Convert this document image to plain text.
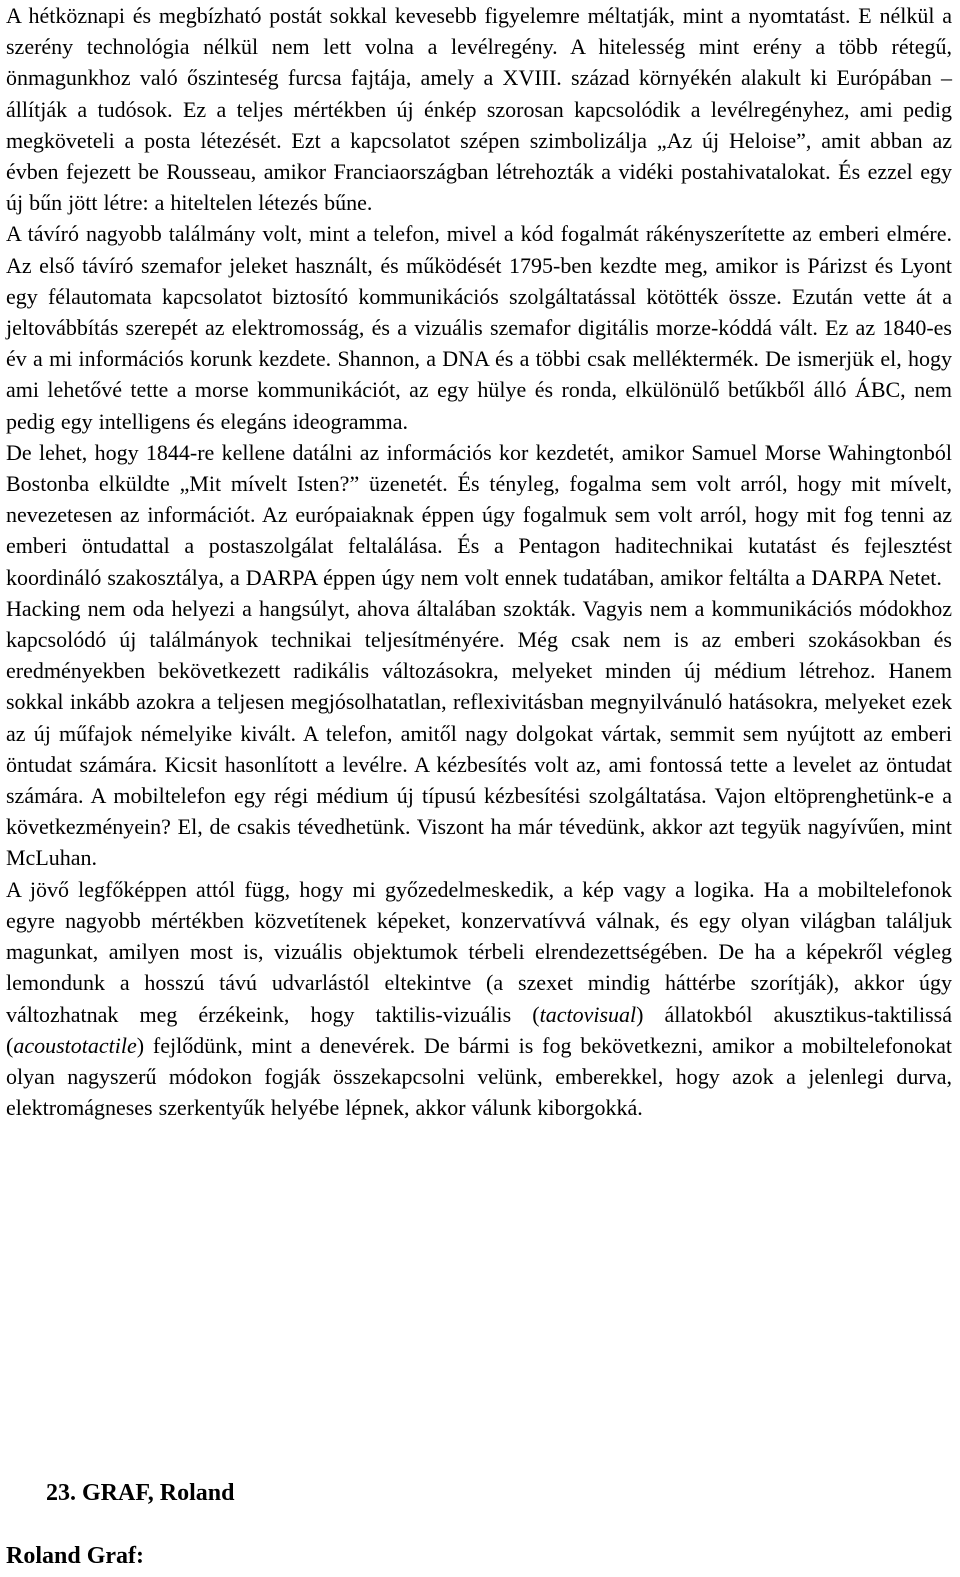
A hétköznapi és megbízható postát sokkal kevesebb figyelemre méltatják, mint a nyomtatást. E nélkül a szerény technológia nélkül nem lett volna a levélregény. A hitelesség mint erény a több rétegű, önmagunkhoz való őszinteség furcsa fajtája, amely a XVIII. század környékén alakult ki Európában – állítják a tudósok. Ez a teljes mértékben új énkép szorosan kapcsolódik a levélregényhez, ami pedig megköveteli a posta létezését. Ezt a kapcsolatot szépen szimbolizálja „Az új Heloise”, amit abban az évben fejezett be Rousseau, amikor Franciaországban létrehozták a vidéki postahivatalokat. És ezzel egy új bűn jött létre: a hiteltelen létezés bűne.

A távíró nagyobb találmány volt, mint a telefon, mivel a kód fogalmát rákényszerítette az emberi elmére. Az első távíró szemafor jeleket használt, és működését 1795-ben kezdte meg, amikor is Párizst és Lyont egy félautomata kapcsolatot biztosító kommunikációs szolgáltatással kötötték össze. Ezután vette át a jeltovábbítás szerepét az elektromosság, és a vizuális szemafor digitális morze-kóddá vált. Ez az 1840-es év a mi információs korunk kezdete. Shannon, a DNA és a többi csak melléktermék. De ismerjük el, hogy ami lehetővé tette a morse kommunikációt, az egy hülye és ronda, elkülönülő betűkből álló ÁBC, nem pedig egy intelligens és elegáns ideogramma.

De lehet, hogy 1844-re kellene datálni az információs kor kezdetét, amikor Samuel Morse Wahingtonból Bostonba elküldte „Mit mívelt Isten?” üzenetét. És tényleg, fogalma sem volt arról, hogy mit mívelt, nevezetesen az információt. Az európaiaknak éppen úgy fogalmuk sem volt arról, hogy mit fog tenni az emberi öntudattal a postaszolgálat feltalálása. És a Pentagon haditechnikai kutatást és fejlesztést koordináló szakosztálya, a DARPA éppen úgy nem volt ennek tudatában, amikor feltálta a DARPA Netet.

Hacking nem oda helyezi a hangsúlyt, ahova általában szokták. Vagyis nem a kommunikációs módokhoz kapcsolódó új találmányok technikai teljesítményére. Még csak nem is az emberi szokásokban és eredményekben bekövetkezett radikális változásokra, melyeket minden új médium létrehoz. Hanem sokkal inkább azokra a teljesen megjósolhatatlan, reflexivitásban megnyilvánuló hatásokra, melyeket ezek az új műfajok némelyike kivált. A telefon, amitől nagy dolgokat vártak, semmit sem nyújtott az emberi öntudat számára. Kicsit hasonlított a levélre. A kézbesítés volt az, ami fontossá tette a levelet az öntudat számára. A mobiltelefon egy régi médium új típusú kézbesítési szolgáltatása. Vajon eltöprenghetünk-e a következményein? El, de csakis tévedhetünk. Viszont ha már tévedünk, akkor azt tegyük nagyívűen, mint McLuhan.

A jövő legfőképpen attól függ, hogy mi győzedelmeskedik, a kép vagy a logika. Ha a mobiltelefonok egyre nagyobb mértékben közvetítenek képeket, konzervatívvá válnak, és egy olyan világban találjuk magunkat, amilyen most is, vizuális objektumok térbeli elrendezettségében. De ha a képekről végleg lemondunk a hosszú távú udvarlástól eltekintve (a szexet mindig háttérbe szorítják), akkor úgy változhatnak meg érzékeink, hogy taktilis-vizuális (tactovisual) állatokból akusztikus-taktilissá (acoustotactile) fejlődünk, mint a denevérek. De bármi is fog bekövetkezni, amikor a mobiltelefonokat olyan nagyszerű módokon fogják összekapcsolni velünk, emberekkel, hogy azok a jelenlegi durva, elektromágneses szerkentyűk helyébe lépnek, akkor válunk kiborgokká.

23. GRAF, Roland
Roland Graf:
